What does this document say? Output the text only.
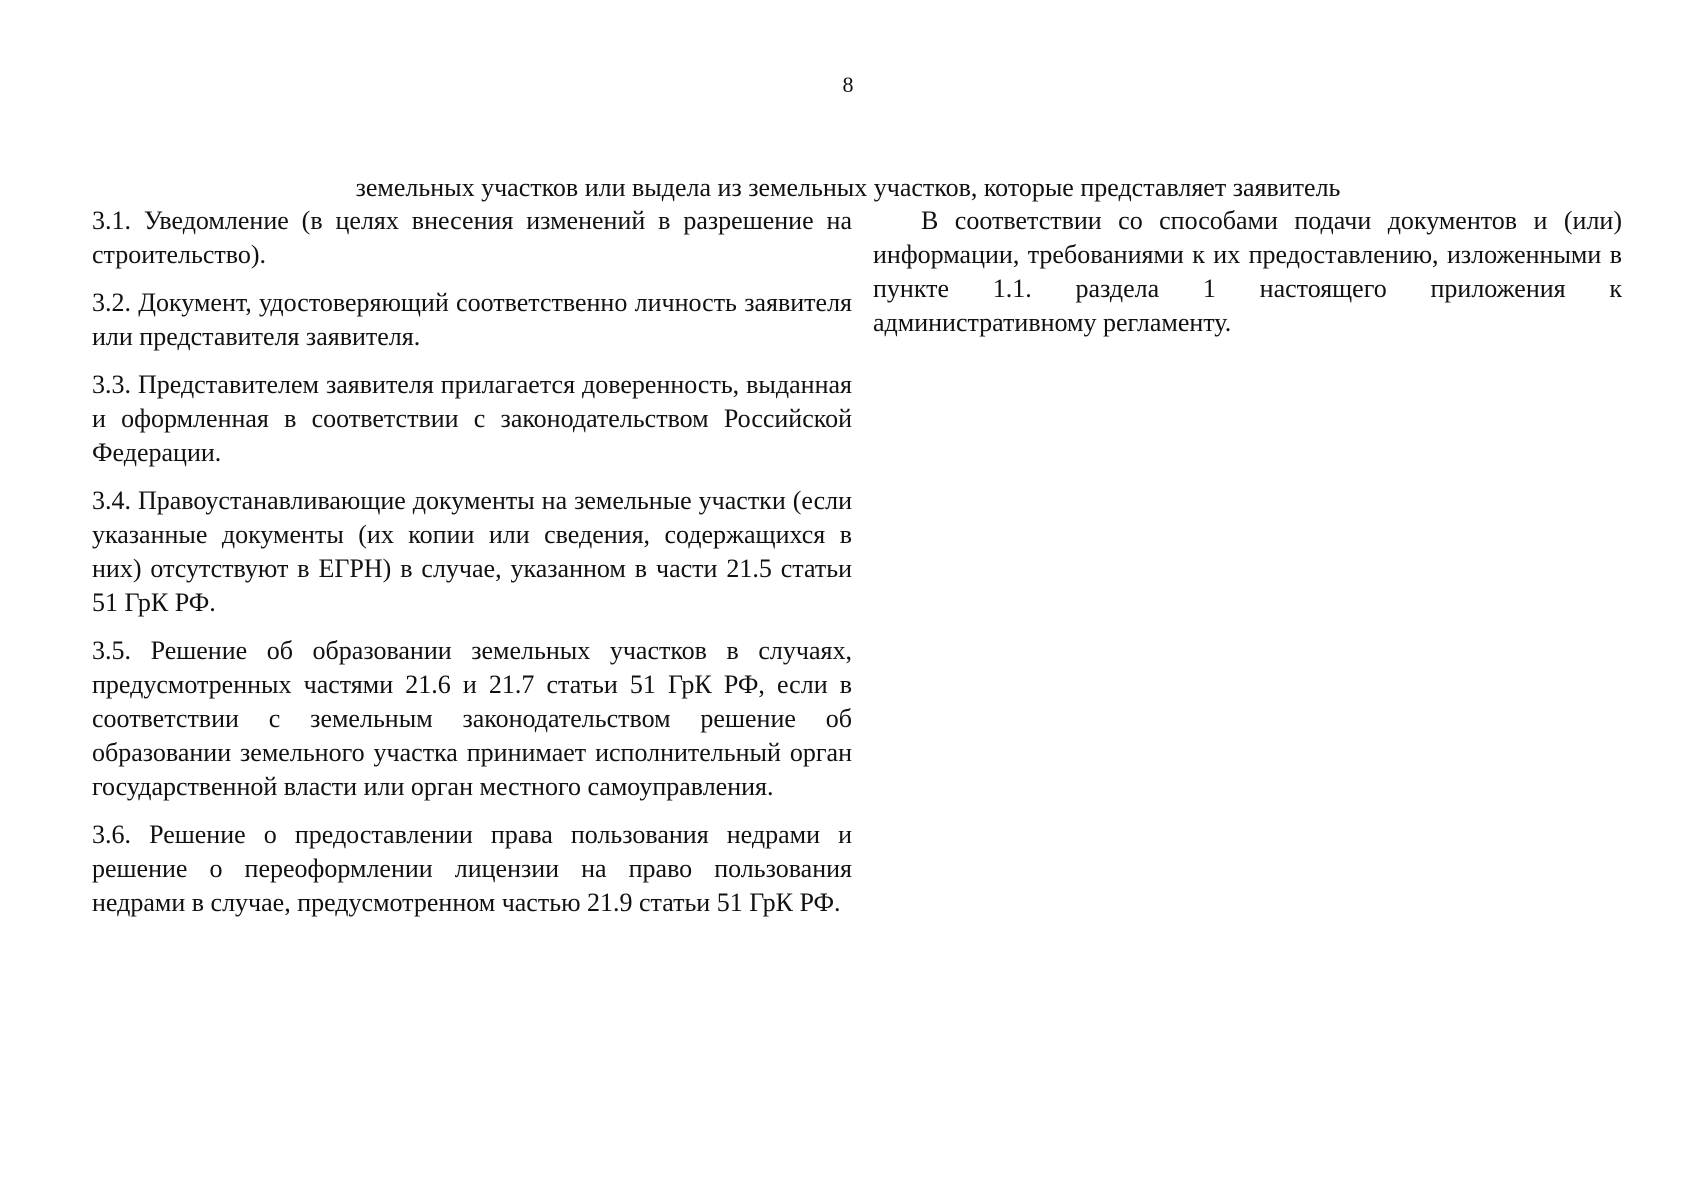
8
земельных участков или выдела из земельных участков, которые представляет заявитель

3.1. Уведомление (в целях внесения изменений в разрешение на строительство).

3.2. Документ, удостоверяющий соответственно личность заявителя или представителя заявителя.

3.3. Представителем заявителя прилагается доверенность, выданная и оформленная в соответствии с законодательством Российской Федерации.

3.4. Правоустанавливающие документы на земельные участки (если указанные документы (их копии или сведения, содержащихся в них) отсутствуют в ЕГРН) в случае, указанном в части 21.5 статьи 51 ГрК РФ.

3.5. Решение об образовании земельных участков в случаях, предусмотренных частями 21.6 и 21.7 статьи 51 ГрК РФ, если в соответствии с земельным законодательством решение об образовании земельного участка принимает исполнительный орган государственной власти или орган местного самоуправления.

3.6. Решение о предоставлении права пользования недрами и решение о переоформлении лицензии на право пользования недрами в случае, предусмотренном частью 21.9 статьи 51 ГрК РФ.

В соответствии со способами подачи документов и (или) информации, требованиями к их предоставлению, изложенными в пункте 1.1. раздела 1 настоящего приложения к административному регламенту.
